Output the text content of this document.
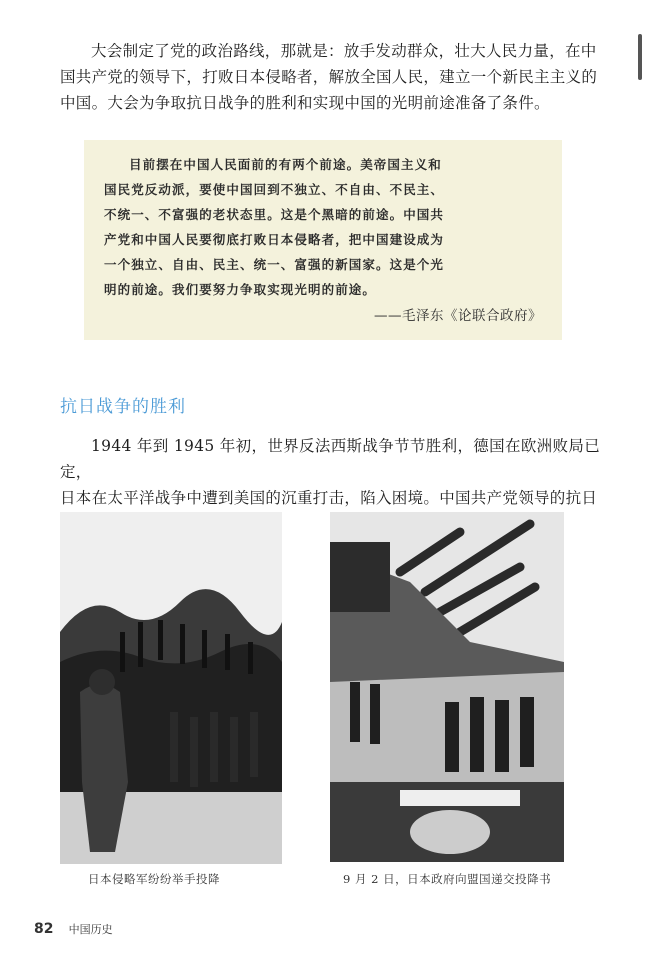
大会制定了党的政治路线，那就是：放手发动群众，壮大人民力量，在中

国共产党的领导下，打败日本侵略者，解放全国人民，建立一个新民主主义的

中国。大会为争取抗日战争的胜利和实现中国的光明前途准备了条件。

目前摆在中国人民面前的有两个前途。美帝国主义和

国民党反动派，要使中国回到不独立、不自由、不民主、
不统一、不富强的老状态里。这是个黑暗的前途。中国共
产党和中国人民要彻底打败日本侵略者，把中国建设成为
一个独立、自由、民主、统一、富强的新国家。这是个光
明的前途。我们要努力争取实现光明的前途。
——毛泽东《论联合政府》
抗日战争的胜利

1944 年到 1945 年初，世界反法西斯战争节节胜利，德国在欧洲败局已定，

日本在太平洋战争中遭到美国的沉重打击，陷入困境。中国共产党领导的抗日

日本侵略军纷纷举手投降	9 月 2 日，日本政府向盟国递交投降书
82 中国历史
